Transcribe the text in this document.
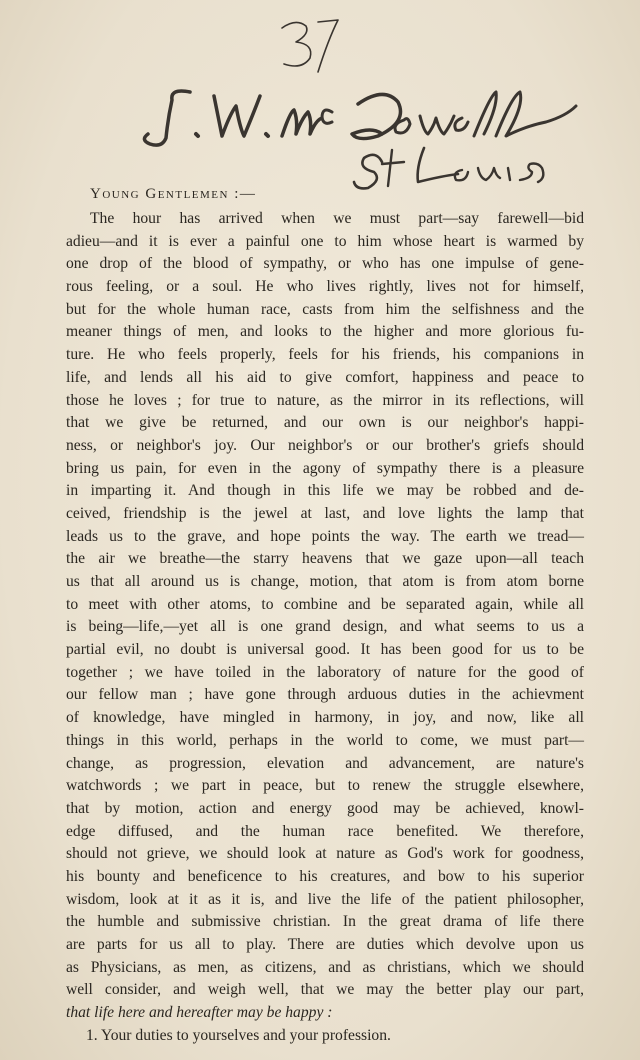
Young Gentlemen :—
The hour has arrived when we must part—say farewell—bid
adieu—and it is ever a painful one to him whose heart is warmed by
one drop of the blood of sympathy, or who has one impulse of gene-
rous feeling, or a soul. He who lives rightly, lives not for himself,
but for the whole human race, casts from him the selfishness and the
meaner things of men, and looks to the higher and more glorious fu-
ture. He who feels properly, feels for his friends, his companions in
life, and lends all his aid to give comfort, happiness and peace to
those he loves ; for true to nature, as the mirror in its reflections, will
that we give be returned, and our own is our neighbor's happi-
ness, or neighbor's joy. Our neighbor's or our brother's griefs should
bring us pain, for even in the agony of sympathy there is a pleasure
in imparting it. And though in this life we may be robbed and de-
ceived, friendship is the jewel at last, and love lights the lamp that
leads us to the grave, and hope points the way. The earth we tread—
the air we breathe—the starry heavens that we gaze upon—all teach
us that all around us is change, motion, that atom is from atom borne
to meet with other atoms, to combine and be separated again, while all
is being—life,—yet all is one grand design, and what seems to us a
partial evil, no doubt is universal good. It has been good for us to be
together ; we have toiled in the laboratory of nature for the good of
our fellow man ; have gone through arduous duties in the achievment
of knowledge, have mingled in harmony, in joy, and now, like all
things in this world, perhaps in the world to come, we must part—
change, as progression, elevation and advancement, are nature's
watchwords ; we part in peace, but to renew the struggle elsewhere,
that by motion, action and energy good may be achieved, knowl-
edge diffused, and the human race benefited. We therefore,
should not grieve, we should look at nature as God's work for goodness,
his bounty and beneficence to his creatures, and bow to his superior
wisdom, look at it as it is, and live the life of the patient philosopher,
the humble and submissive christian. In the great drama of life there
are parts for us all to play. There are duties which devolve upon us
as Physicians, as men, as citizens, and as christians, which we should
well consider, and weigh well, that we may the better play our part,
that life here and hereafter may be happy :
1. Your duties to yourselves and your profession.
